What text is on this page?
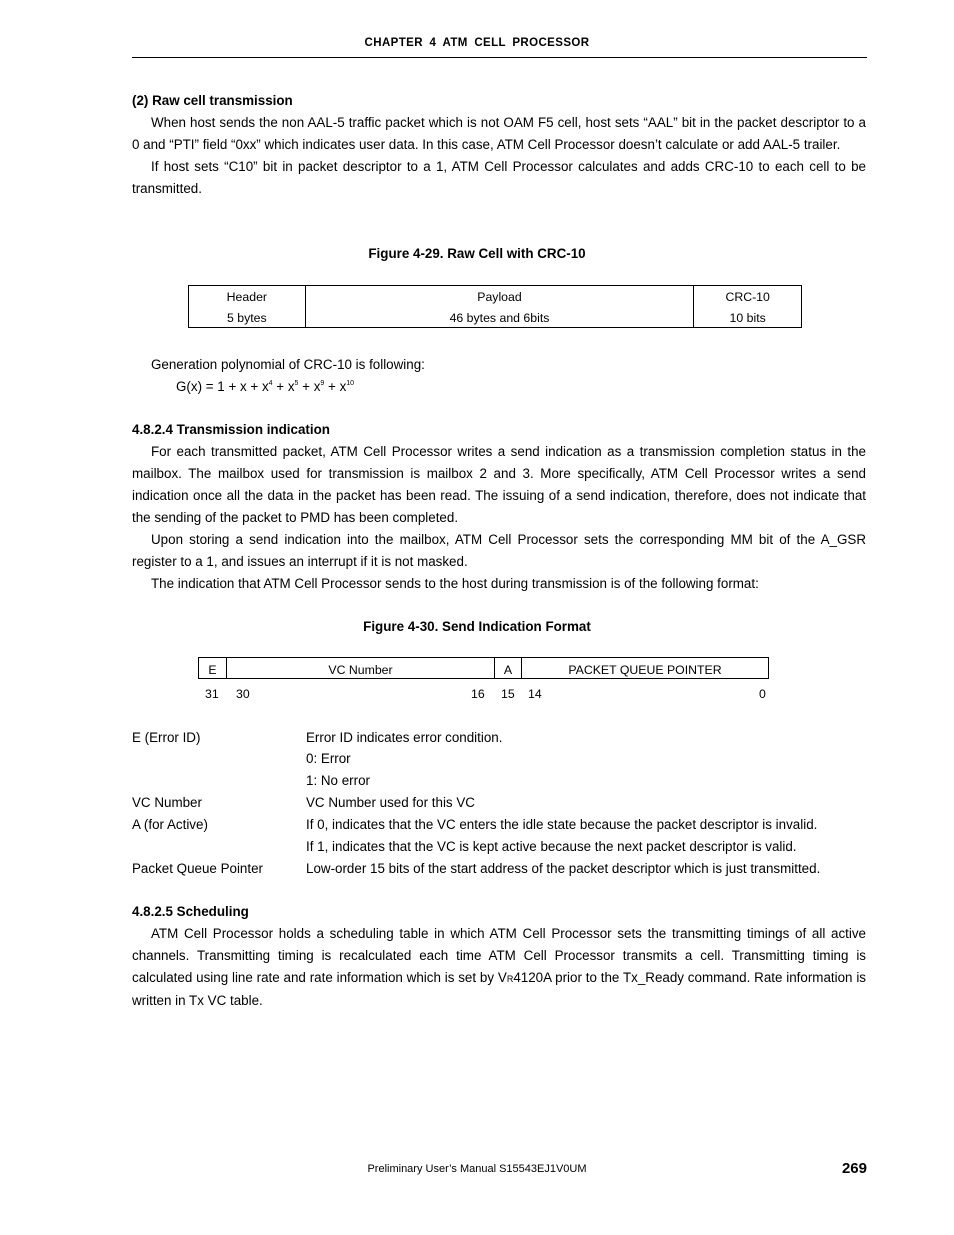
CHAPTER 4 ATM CELL PROCESSOR
(2) Raw cell transmission

When host sends the non AAL-5 traffic packet which is not OAM F5 cell, host sets “AAL” bit in the packet descriptor to a 0 and “PTI” field “0xx” which indicates user data. In this case, ATM Cell Processor doesn’t calculate or add AAL-5 trailer.

If host sets “C10” bit in packet descriptor to a 1, ATM Cell Processor calculates and adds CRC-10 to each cell to be transmitted.

Figure 4-29. Raw Cell with CRC-10
Header	Payload	CRC-10
5 bytes	46 bytes and 6bits	10 bits
Generation polynomial of CRC-10 is following:
$G(x) = 1 + x + x^4 + x^5 + x^9 + x^{10}$
4.8.2.4 Transmission indication

For each transmitted packet, ATM Cell Processor writes a send indication as a transmission completion status in the mailbox. The mailbox used for transmission is mailbox 2 and 3. More specifically, ATM Cell Processor writes a send indication once all the data in the packet has been read. The issuing of a send indication, therefore, does not indicate that the sending of the packet to PMD has been completed.

Upon storing a send indication into the mailbox, ATM Cell Processor sets the corresponding MM bit of the A_GSR register to a 1, and issues an interrupt if it is not masked.

The indication that ATM Cell Processor sends to the host during transmission is of the following format:

Figure 4-30. Send Indication Format
E	VC Number	A	PACKET QUEUE POINTER
31 30	16 15 14	0
E (Error ID)	Error ID indicates error condition.
0: Error
1: No error
VC Number	VC Number used for this VC
A (for Active)	If 0, indicates that the VC enters the idle state because the packet descriptor is invalid.
If 1, indicates that the VC is kept active because the next packet descriptor is valid.
Packet Queue Pointer	Low-order 15 bits of the start address of the packet descriptor which is just transmitted.
4.8.2.5 Scheduling

ATM Cell Processor holds a scheduling table in which ATM Cell Processor sets the transmitting timings of all active channels. Transmitting timing is recalculated each time ATM Cell Processor transmits a cell. Transmitting timing is calculated using line rate and rate information which is set by VR4120A prior to the Tx_Ready command. Rate information is written in Tx VC table.

Preliminary User’s Manual S15543EJ1V0UM	269
